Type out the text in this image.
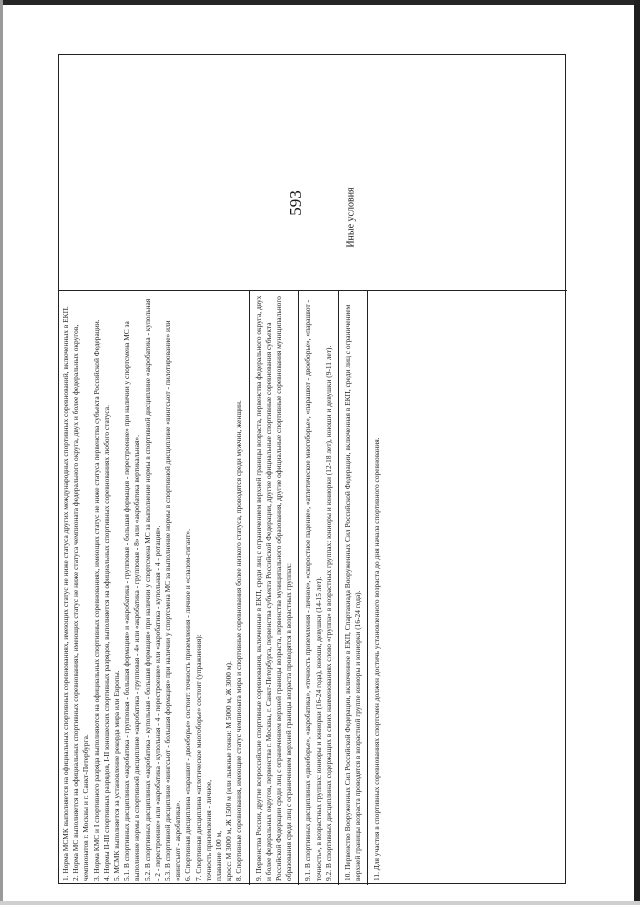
593	Иные условия

1. Норма МСМК выполняется на официальных спортивных соревнованиях, имеющих статус не ниже статуса других международных спортивных соревнований, включенных в ЕКП. 2. Норма МС выполняется на официальных спортивных соревнованиях, имеющих статус не ниже статуса чемпионата федерального округа, двух и более федеральных округов, чемпионатов г. Москвы и г. Санкт-Петербурга. 3. Норма КМС и I спортивного разряда выполняются на официальных спортивных соревнованиях, имеющих статус не ниже статуса первенства субъекта Российской Федерации. 4. Нормы II-III спортивных разрядов, I-II юношеских спортивных разрядов, выполняется на официальных спортивных соревнованиях любого статуса. 5. МСМК выполняется за установление рекорда мира или Европы. 5.1. В спортивных дисциплинах «акробатика - групповая - большая формация» и «акробатика - групповая - большая формация - перестроение» при наличии у спортсмена МС за выполнение нормы в спортивной дисциплине «акробатика - групповая - 4» или «акробатика - групповая - 8» или «акробатика вертикальная». 5.2. В спортивных дисциплинах «акробатика - купольная - большая формация» при наличии у спортсмена МС за выполнение нормы в спортивной дисциплине «акробатика - купольная - 2 - перестроение» или «акробатика - купольная - 4 - перестроение» или «акробатика - купольная - 4 - ротация». 5.3. В спортивной дисциплине «вингсьют - большая формация» при наличии у спортсмена МС за выполнение нормы в спортивной дисциплине «вингсьют - пилотирование» или «вингсьют - акробатика». 6. Спортивная дисциплина «парашют - двоеборье» состоит: точность приземления - личное и «слалом-гигант». 7. Спортивная дисциплина «атлетическое многоборье» состоит (упражнения): точность приземления - личное, плавание 100 м, кросс: М 3000 м, Ж 1500 м (или лыжные гонки: М 5000 м, Ж 3000 м). 8. Спортивные соревнования, имеющие статус чемпионата мира и спортивные соревнования более низкого статуса, проводятся среди мужчин, женщин. 9. Первенства России, другие всероссийские спортивные соревнования, включенные в ЕКП, среди лиц с ограничением верхней границы возраста, первенства федерального округа, двух и более федеральных округов, первенства г. Москвы, г. Санкт-Петербурга, первенства субъекта Российской Федерации, другие официальные спортивные соревнования субъекта Российской Федерации среди лиц с ограничением верхней границы возраста, первенства муниципального образования, другие официальные спортивные соревнования муниципального образования среди лиц с ограничением верхней границы возраста проводятся в возрастных группах: 9.1. В спортивных дисциплинах «двоеборье», «акробатика», «точность приземления - личное», «скоростное падение», «атлетическое многоборье», «парашют - двоеборье», «парашют - точность», в возрастных группах: юниоры и юниорки (16-24 года), юноши, девушки (14-15 лет). 9.2. В спортивных дисциплинах содержащих в своих наименованиях слово «группа» в возрастных группах: юниоры и юниорки (12-18 лет), юноши и девушки (9-11 лет). 10. Первенство Вооруженных Сил Российской Федерации, включенное в ЕКП, Спартакиада Вооруженных Сил Российской Федерации, включенная в ЕКП, среди лиц с ограничением верхней границы возраста проводятся в возрастной группе юниоры и юниорки (16-24 года). 11. Для участия в спортивных соревнованиях спортсмен должен достичь установленного возраста до дня начала спортивного соревнования.
